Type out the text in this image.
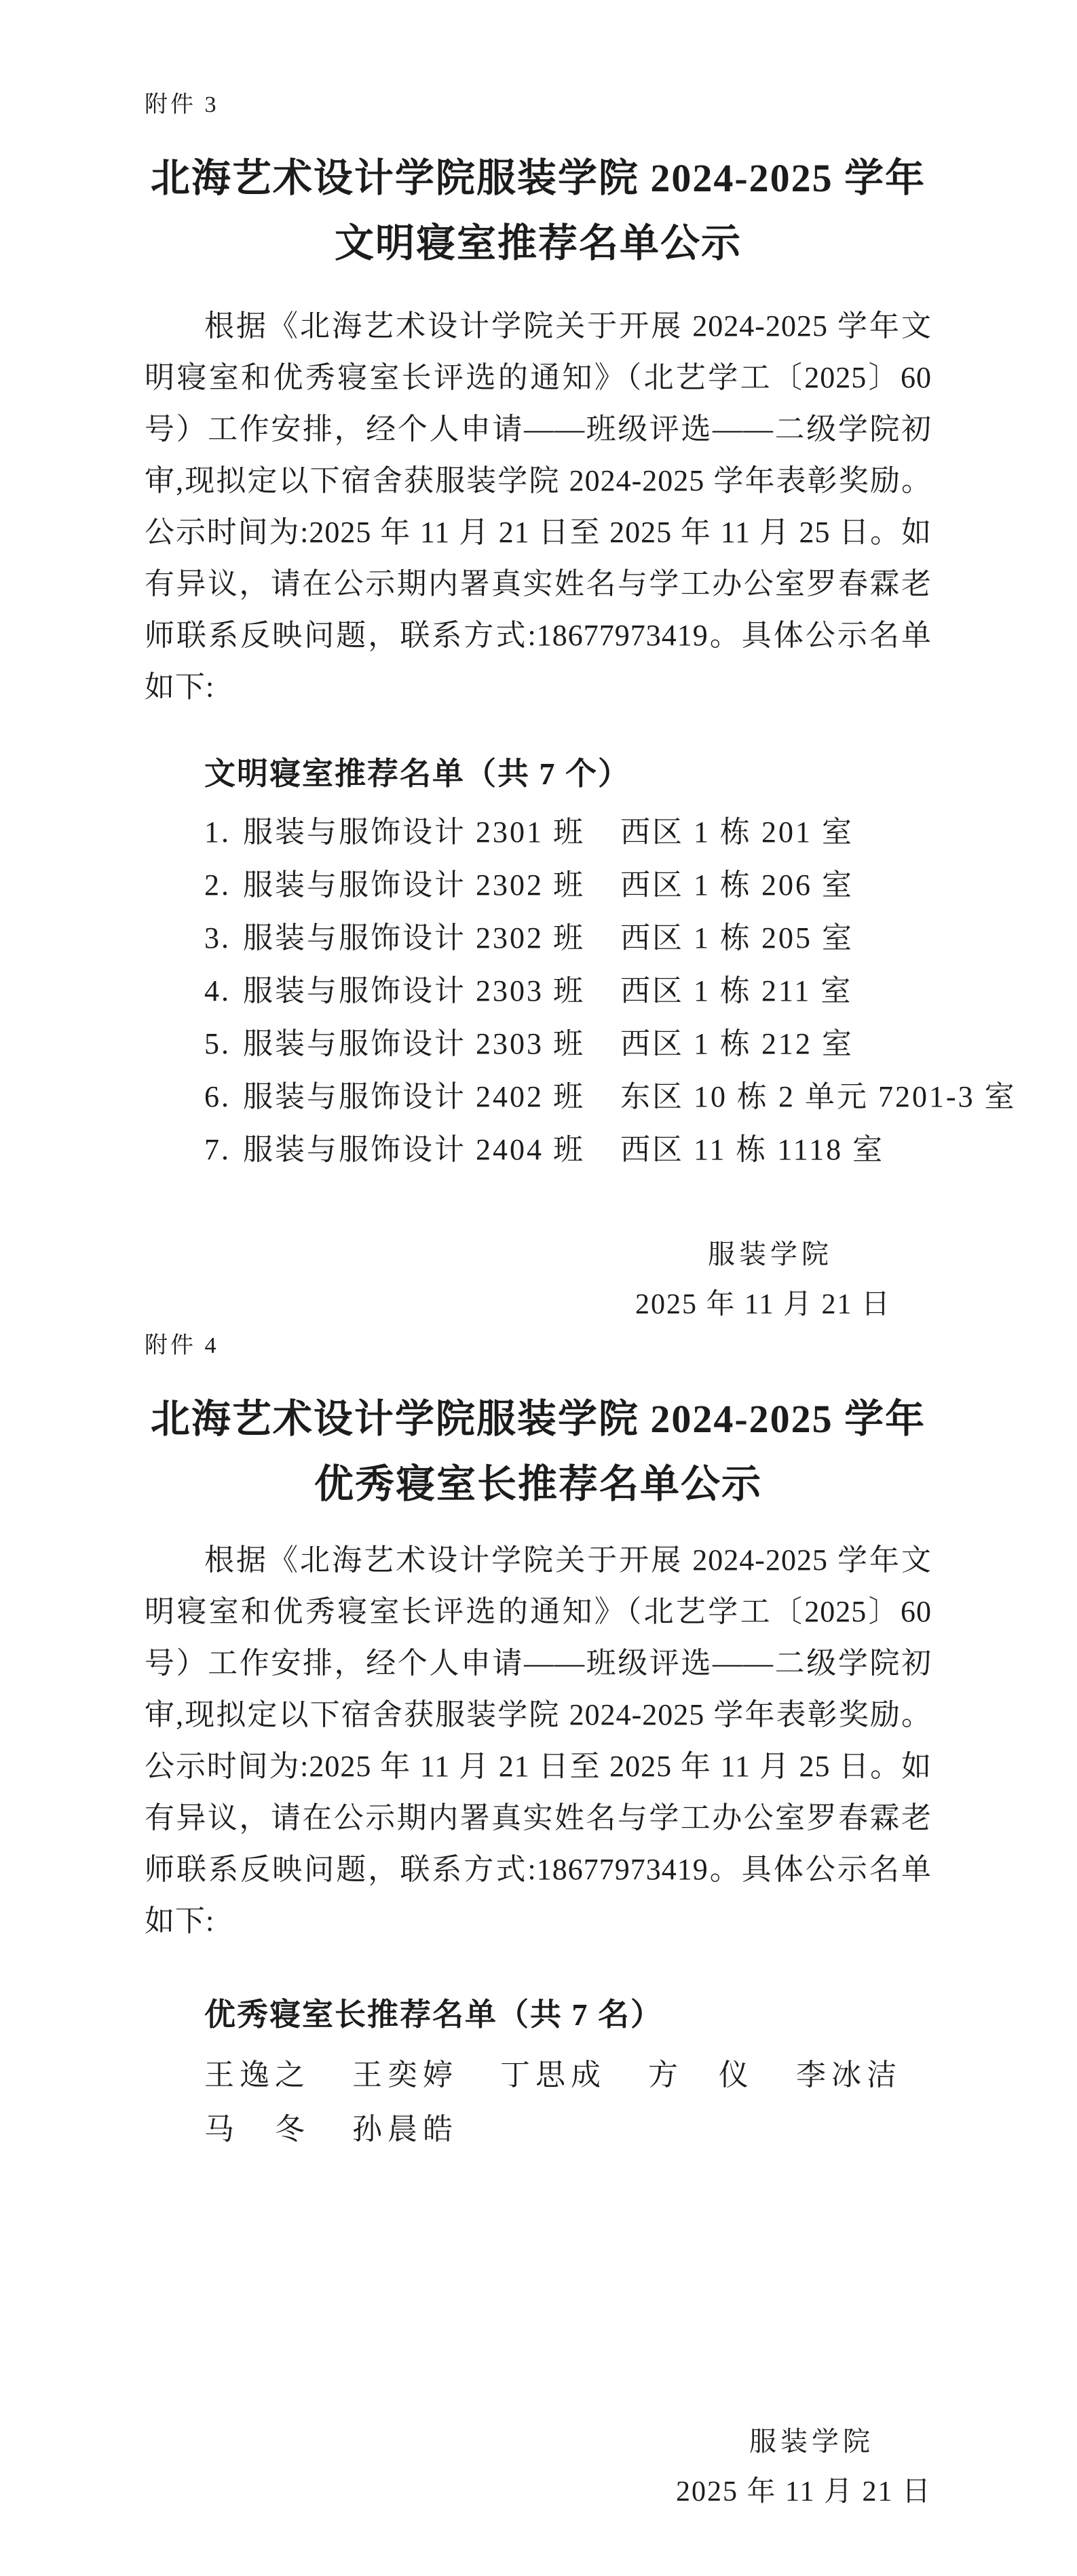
附件 3
北海艺术设计学院服装学院 2024-2025 学年
文明寝室推荐名单公示

根据《北海艺术设计学院关于开展 2024-2025 学年文明寝室和优秀寝室长评选的通知》（北艺学工〔2025〕60 号）工作安排，经个人申请——班级评选——二级学院初审,现拟定以下宿舍获服装学院 2024-2025 学年表彰奖励。公示时间为:2025 年 11 月 21 日至 2025 年 11 月 25 日。如有异议，请在公示期内署真实姓名与学工办公室罗春霖老师联系反映问题，联系方式:18677973419。具体公示名单如下:

文明寝室推荐名单（共 7 个）
1. 服装与服饰设计 2301 班 西区 1 栋 201 室
2. 服装与服饰设计 2302 班 西区 1 栋 206 室
3. 服装与服饰设计 2302 班 西区 1 栋 205 室
4. 服装与服饰设计 2303 班 西区 1 栋 211 室
5. 服装与服饰设计 2303 班 西区 1 栋 212 室
6. 服装与服饰设计 2402 班 东区 10 栋 2 单元 7201-3 室
7. 服装与服饰设计 2404 班 西区 11 栋 1118 室
服装学院
2025 年 11 月 21 日
附件 4
北海艺术设计学院服装学院 2024-2025 学年
优秀寝室长推荐名单公示

根据《北海艺术设计学院关于开展 2024-2025 学年文明寝室和优秀寝室长评选的通知》（北艺学工〔2025〕60 号）工作安排，经个人申请——班级评选——二级学院初审,现拟定以下宿舍获服装学院 2024-2025 学年表彰奖励。公示时间为:2025 年 11 月 21 日至 2025 年 11 月 25 日。如有异议，请在公示期内署真实姓名与学工办公室罗春霖老师联系反映问题，联系方式:18677973419。具体公示名单如下:

优秀寝室长推荐名单（共 7 名）
王逸之 王奕婷 丁思成 方　仪 李冰洁
马　冬 孙晨皓
服装学院
2025 年 11 月 21 日
